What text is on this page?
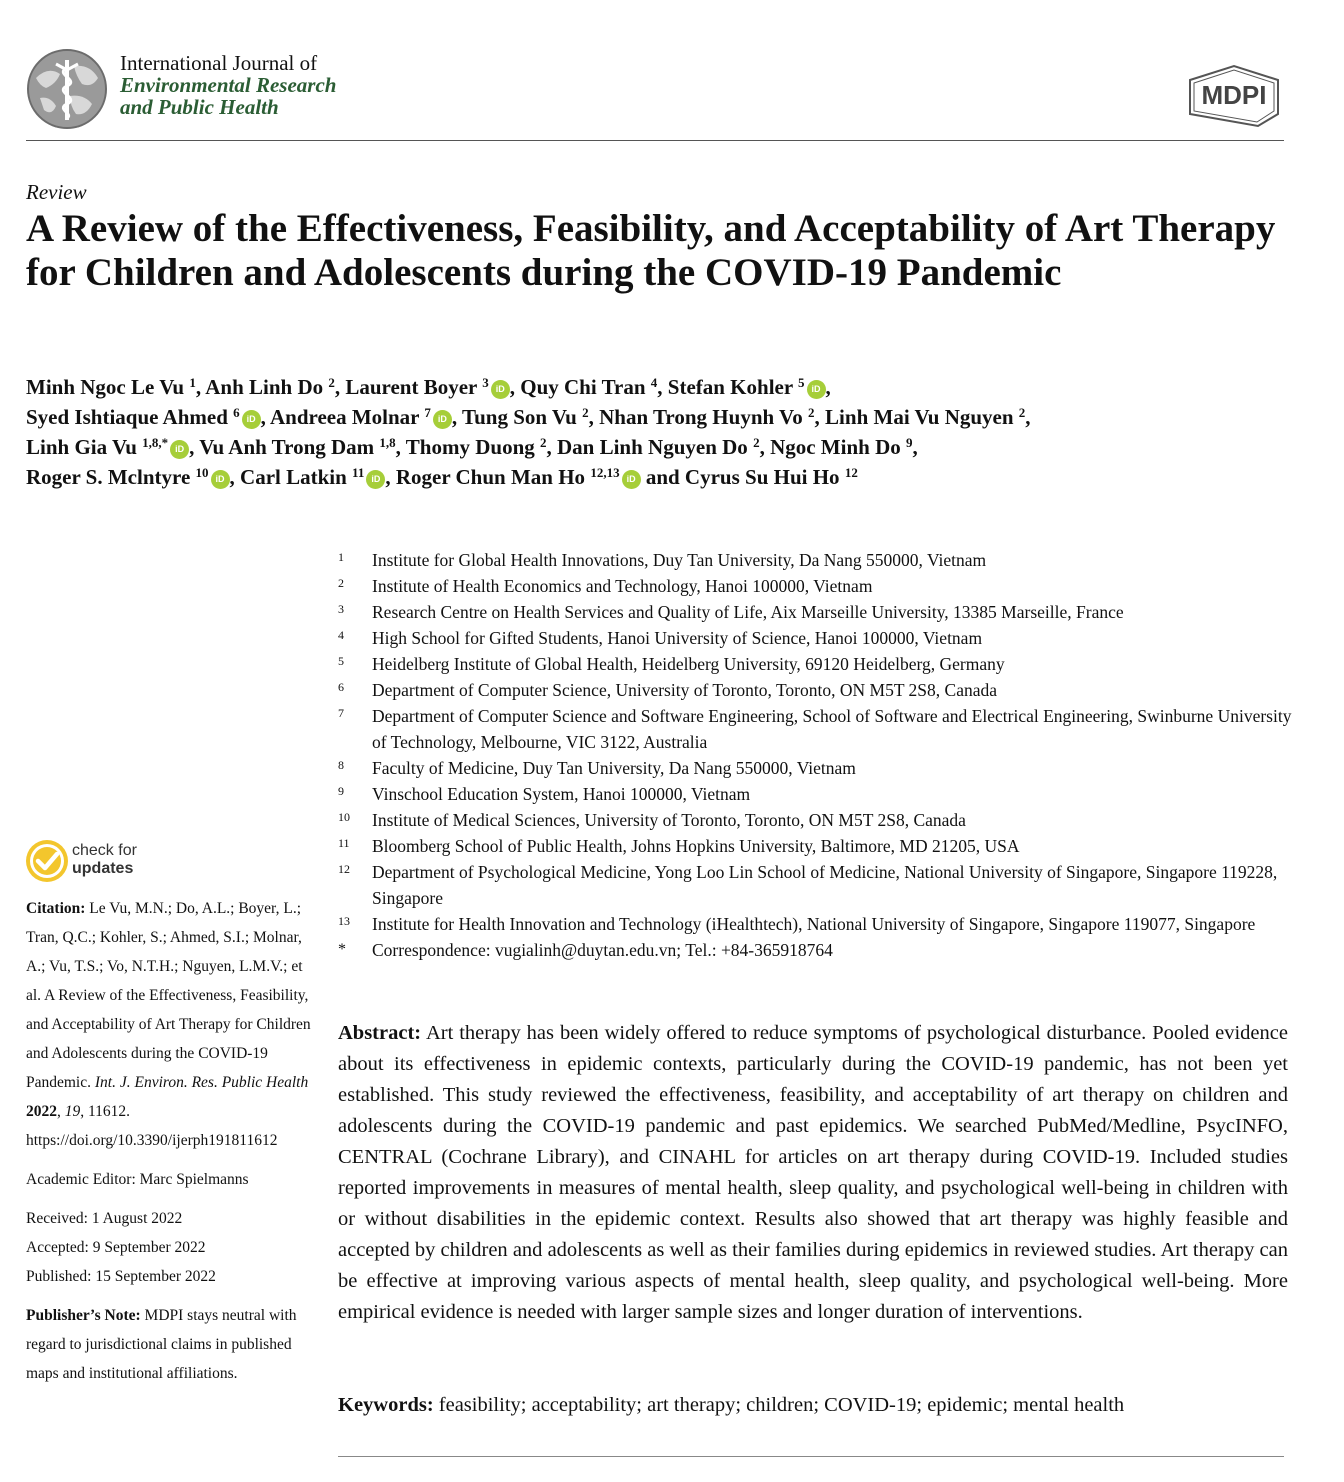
International Journal of
Environmental Research
and Public Health	MDPI
Review
A Review of the Effectiveness, Feasibility, and Acceptability of Art Therapy for Children and Adolescents during the COVID-19 Pandemic
Minh Ngoc Le Vu $^1$, Anh Linh Do $^2$, Laurent Boyer $^3$ iD , Quy Chi Tran $^4$, Stefan Kohler $^5$ iD ,
Syed Ishtiaque Ahmed $^6$ iD , Andreea Molnar $^7$ iD , Tung Son Vu $^2$, Nhan Trong Huynh Vo $^2$, Linh Mai Vu Nguyen $^2$,
Linh Gia Vu $^{1,8,*}$ iD , Vu Anh Trong Dam $^{1,8}$, Thomy Duong $^2$, Dan Linh Nguyen Do $^2$, Ngoc Minh Do $^9$,
Roger S. Mclntyre $^{10}$ iD , Carl Latkin $^{11}$ iD , Roger Chun Man Ho $^{12,13}$ iD and Cyrus Su Hui Ho $^{12}$
1 Institute for Global Health Innovations, Duy Tan University, Da Nang 550000, Vietnam
2 Institute of Health Economics and Technology, Hanoi 100000, Vietnam
3 Research Centre on Health Services and Quality of Life, Aix Marseille University, 13385 Marseille, France
4 High School for Gifted Students, Hanoi University of Science, Hanoi 100000, Vietnam
5 Heidelberg Institute of Global Health, Heidelberg University, 69120 Heidelberg, Germany
6 Department of Computer Science, University of Toronto, Toronto, ON M5T 2S8, Canada
7 Department of Computer Science and Software Engineering, School of Software and Electrical Engineering, Swinburne University of Technology, Melbourne, VIC 3122, Australia
8 Faculty of Medicine, Duy Tan University, Da Nang 550000, Vietnam
9 Vinschool Education System, Hanoi 100000, Vietnam
10 Institute of Medical Sciences, University of Toronto, Toronto, ON M5T 2S8, Canada
11 Bloomberg School of Public Health, Johns Hopkins University, Baltimore, MD 21205, USA
12 Department of Psychological Medicine, Yong Loo Lin School of Medicine, National University of Singapore, Singapore 119228, Singapore
13 Institute for Health Innovation and Technology (iHealthtech), National University of Singapore, Singapore 119077, Singapore
* Correspondence: vugialinh@duytan.edu.vn; Tel.: +84-365918764
check for
updates

Citation: Le Vu, M.N.; Do, A.L.; Boyer, L.; Tran, Q.C.; Kohler, S.; Ahmed, S.I.; Molnar, A.; Vu, T.S.; Vo, N.T.H.; Nguyen, L.M.V.; et al. A Review of the Effectiveness, Feasibility, and Acceptability of Art Therapy for Children and Adolescents during the COVID-19 Pandemic. Int. J. Environ. Res. Public Health 2022, 19, 11612. https://doi.org/10.3390/ijerph191811612

Academic Editor: Marc Spielmanns

Received: 1 August 2022

Accepted: 9 September 2022

Published: 15 September 2022

Publisher’s Note: MDPI stays neutral with regard to jurisdictional claims in published maps and institutional affiliations.

Abstract: Art therapy has been widely offered to reduce symptoms of psychological disturbance. Pooled evidence about its effectiveness in epidemic contexts, particularly during the COVID-19 pandemic, has not been yet established. This study reviewed the effectiveness, feasibility, and acceptability of art therapy on children and adolescents during the COVID-19 pandemic and past epidemics. We searched PubMed/Medline, PsycINFO, CENTRAL (Cochrane Library), and CINAHL for articles on art therapy during COVID-19. Included studies reported improvements in measures of mental health, sleep quality, and psychological well-being in children with or without disabilities in the epidemic context. Results also showed that art therapy was highly feasible and accepted by children and adolescents as well as their families during epidemics in reviewed studies. Art therapy can be effective at improving various aspects of mental health, sleep quality, and psychological well-being. More empirical evidence is needed with larger sample sizes and longer duration of interventions.
Keywords: feasibility; acceptability; art therapy; children; COVID-19; epidemic; mental health
